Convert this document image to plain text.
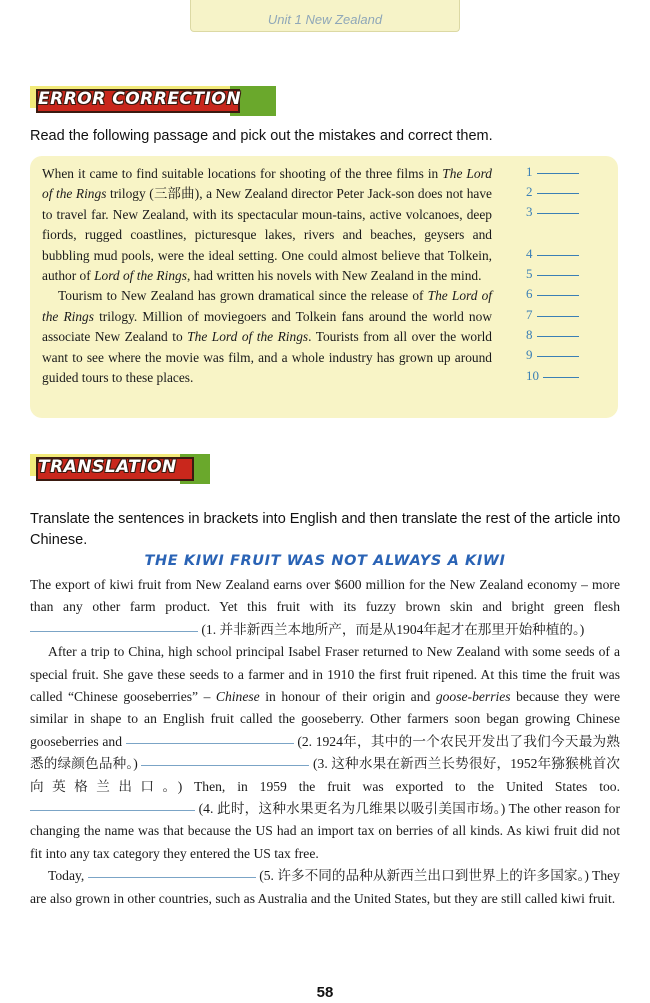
Unit 1 New Zealand
ERROR CORRECTION
Read the following passage and pick out the mistakes and correct them.

When it came to find suitable locations for shooting of the three films in The Lord of the Rings trilogy (三部曲), a New Zealand director Peter Jack-son does not have to travel far. New Zealand, with its spectacular moun-tains, active volcanoes, deep fiords, rugged coastlines, picturesque lakes, rivers and beaches, geysers and bubbling mud pools, were the ideal setting. One could almost believe that Tolkein, author of Lord of the Rings, had written his novels with New Zealand in the mind.

Tourism to New Zealand has grown dramatical since the release of The Lord of the Rings trilogy. Million of moviegoers and Tolkein fans around the world now associate New Zealand to The Lord of the Rings. Tourists from all over the world want to see where the movie was film, and a whole industry has grown up around guided tours to these places.

1
2
3
4
5
6
7
8
9
10
TRANSLATION
Translate the sentences in brackets into English and then translate the rest of the article into Chinese.
THE KIWI FRUIT WAS NOT ALWAYS A KIWI

The export of kiwi fruit from New Zealand earns over $600 million for the New Zealand economy – more than any other farm product. Yet this fruit with its fuzzy brown skin and bright green flesh  (1. 并非新西兰本地所产，而是从1904年起才在那里开始种植的。)

After a trip to China, high school principal Isabel Fraser returned to New Zealand with some seeds of a special fruit. She gave these seeds to a farmer and in 1910 the first fruit ripened. At this time the fruit was called “Chinese gooseberries” – Chinese in honour of their origin and goose-berries because they were similar in shape to an English fruit called the gooseberry. Other farmers soon began growing Chinese gooseberries and	(2. 1924年，其中的一个农民开发出了我们今天最为熟悉的绿颜色品种。)	(3. 这种水果在新西兰长势很好，1952年猕猴桃首次向英格兰出口。) Then, in 1959 the fruit was exported to the United States too.  (4. 此时，这种水果更名为几维果以吸引美国市场。) The other reason for changing the name was that because the US had an import tax on berries of all kinds. As kiwi fruit did not fit into any tax category they entered the US tax free.

Today,	(5. 许多不同的品种从新西兰出口到世界上的许多国家。) They are also grown in other countries, such as Australia and the United States, but they are still called kiwi fruit.

58
